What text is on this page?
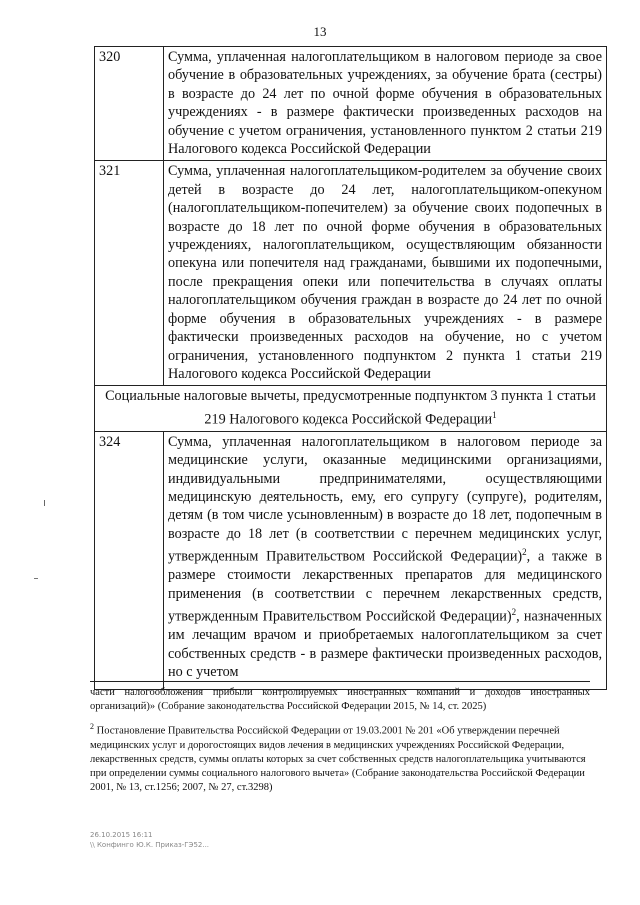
13
320	Сумма, уплаченная налогоплательщиком в налоговом периоде за свое обучение в образовательных учреждениях, за обучение брата (сестры) в возрасте до 24 лет по очной форме обучения в образовательных учреждениях - в размере фактически произведенных расходов на обучение с учетом ограничения, установленного пунктом 2 статьи 219 Налогового кодекса Российской Федерации
321	Сумма, уплаченная налогоплательщиком-родителем за обучение своих детей в возрасте до 24 лет, налогоплательщиком-опекуном (налогоплательщиком-попечителем) за обучение своих подопечных в возрасте до 18 лет по очной форме обучения в образовательных учреждениях, налогоплательщиком, осуществляющим обязанности опекуна или попечителя над гражданами, бывшими их подопечными, после прекращения опеки или попечительства в случаях оплаты налогоплательщиком обучения граждан в возрасте до 24 лет по очной форме обучения в образовательных учреждениях - в размере фактически произведенных расходов на обучение, но с учетом ограничения, установленного подпунктом 2 пункта 1 статьи 219 Налогового кодекса Российской Федерации
Социальные налоговые вычеты, предусмотренные подпунктом 3 пункта 1 статьи 219 Налогового кодекса Российской Федерации$^1$
324	Сумма, уплаченная налогоплательщиком в налоговом периоде за медицинские услуги, оказанные медицинскими организациями, индивидуальными предпринимателями, осуществляющими медицинскую деятельность, ему, его супругу (супруге), родителям, детям (в том числе усыновленным) в возрасте до 18 лет, подопечным в возрасте до 18 лет (в соответствии с перечнем медицинских услуг, утвержденным Правительством Российской Федерации)$^2$, а также в размере стоимости лекарственных препаратов для медицинского применения (в соответствии с перечнем лекарственных средств, утвержденным Правительством Российской Федерации)$^2$, назначенных им лечащим врачом и приобретаемых налогоплательщиком за счет собственных средств - в размере фактически произведенных расходов, но с учетом
части налогообложения прибыли контролируемых иностранных компаний и доходов иностранных организаций)» (Собрание законодательства Российской Федерации 2015, № 14, ст. 2025)
$^2$ Постановление Правительства Российской Федерации от 19.03.2001 № 201 «Об утверждении перечней медицинских услуг и дорогостоящих видов лечения в медицинских учреждениях Российской Федерации, лекарственных средств, суммы оплаты которых за счет собственных средств налогоплательщика учитываются при определении суммы социального налогового вычета» (Собрание законодательства Российской Федерации 2001, № 13, ст.1256; 2007, № 27, ст.3298)
26.10.2015 16:11
\\ Конфинго Ю.К. Приказ-ГЭ52...
